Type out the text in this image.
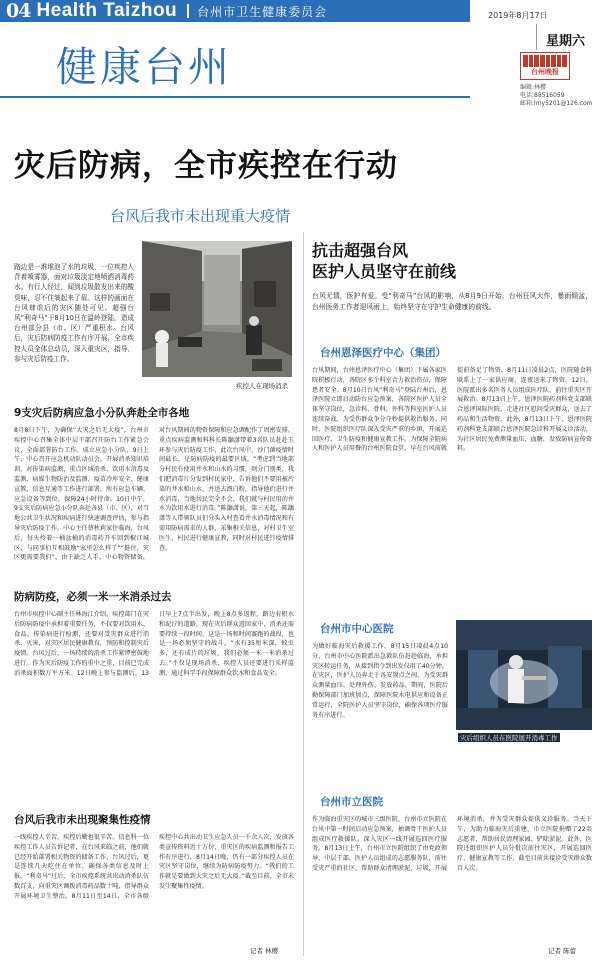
04 Health Taizhou 台州市卫生健康委员会
健康台州
2019年8月17日
星期六
台州晚报
编辑:林樱
电话:88516059
邮箱:lmy5201@126.com
灾后防病，全市疾控在行动
台风后我市未出现重大疫情
路边是一堆堆泡了水的垃圾，一位疾控人背着喷雾器，面对垃圾淡定地喷洒消毒药水。有行人经过，闻到垃圾散发出来的酸臭味，忍不住皱起来了眉。这样的画面在台风肆虐后的灾区随处可见。超强台风“利奇马”于8月10日在温岭登陆，造成台州部分县（市、区）严重积水。台风后，灾后防病防疫工作有序开展，全市疾控人员全体总动员，深入重灾区，指导、参与灾后防疫工作。
疾控人在现场消杀
9支灾后防病应急小分队奔赴全市各地
8月8日下午，为确保“大灾之后无大疫”，台州市疾控中心召集全体中层干部召开防台工作紧急会议，全面部署防台工作。成立应急小分队，9日上午，中心召开应急机动队动员会，开展消杀知识培训，对传染病监测、重点区域消杀、饮用水消毒及监测、病媒生物防治及监测、疫苗冷库安全、健康宣教、信息互通等工作进行部署，所有应急车辆、应急设备等到位，保障24小时待命。10日中午，9支灾后防病应急小分队奔赴各县（市、区），对当地公共卫生状况和疾病进行快速调查评估，参与指导灾后防疫工作。中心主任蔡秋莉家住临海，台风后，每天拎着一桶盆桶的消毒药开车回到椒江城区，与同事们互相鼓励“家里怎么样了”“挺住，灾区更需要我们”。由于缺乏人手，中心物资储备，对台风期间的物资保障和应急调配作了周密安排。重点疾病监测和科科长陈灏潇带着3名队员赶赴玉环参与灾后防疫工作，此次台风中，沙门菌疫情时间最长，是防病防疫的最要区域。“考虑到当地部分村民有使用井水和山水的习惯，则分门别类，我们把消毒片分发到村民家中，告诉他们不要用被污染的井水和山水，并送去漂白粉，指导他们进行井水消毒，当地居民完全不会，我们就与村民用的井水为饮用水进行消毒。”陈灏潇说。第三天起，陈灏潇等人带领队员们分头入村查看井水消毒情况和有需用防病需求的人群，采集相关信息，对村卫生室医生、村民进行健康宣教，同时对村民进行疫情排查。
防病防疫，必须一米一米消杀过去
台州市疾控中心副主任林海江介绍，疾控部门在灾后防病防疫中承担着重要任务，不仅要对饮用水、食品、传染病进行检测，还要对受灾群众进行消杀、灭害，对灾区居民健康教育，预防和控制灾后疫情。台风过后，一场持续的消杀工作紧锣密鼓地进行。作为灾后防疫工作的重中之重，目前已完成消杀面积数万平方米。12日晚上参与监测后，13日早上7点半出发，晚上8点多返程，路边有积水和泥泞的道路，现在灾后群众返回家中，消杀还需要持续一段时间，这是一场和时间赛跑的战役，也是一场必须坚守的战斗。“水有35厘米深，蚊虫多，还有成片的垃圾，我们必须一米一米消杀过去。”不仅是现场消杀，疾控人员还要进行采样监测，通过科学手段保障群众饮水和食品安全。
台风后我市未出现聚集性疫情
一线疾控人辛苦，疾控后勤也很辛苦。信息科一位疾控工作人员告诉记者，在台风来临之前，他们就已经开始部署相关物资的储备工作，台风过后，更是连续几天吃住在单位，确保各类信息及时上报。“利奇马”过后，全市疾控系统共出动消杀队伍数百支，向重灾区调拨消毒药品数十吨，指导群众开展环境卫生整治。8月11日至14日，全市各级疾控中心共出动卫生应急人员一千余人次，发放各类宣传资料近十万份，重灾区的疾病监测和报告工作有序进行，8月14日晚，仍有一部分疾控人员在灾区坚守岗位，继续为防病防疫努力。“我们的工作就是要做到大灾之后无大疫。”截至目前，全市未发生聚集性疫情。
记者 林樱
抗击超强台风
医护人员坚守在前线
台风无情，医护有爱。受“利奇马”台风的影响，从8月9日开始，台州狂风大作，暴雨倾盆，台州医务工作者迎风雨上，始终坚守在守护生命健康的前线。
台州恩泽医疗中心（集团）
台风期间，台州恩泽医疗中心（集团）下属各家医院积极行动，各院区多个科室合力救治伤员，保障患者安全。8月10日台风“利奇马”登陆台州后，恩泽医院立即启动防台应急预案，各院区医护人员全体坚守岗位，急诊科、骨科、外科等科室医护人员连续奋战，为受伤群众争分夺秒提供救治服务。同时，医院组织医疗队深入受灾严重的乡镇，开展巡回医疗、卫生防疫和健康宣教工作。为保障全院病人和医护人员用餐的台州医院食堂，早在台风前就提前备足了物资。8月11日凌晨2点，医院随食料联系上了一家供应商，连夜送来了物资。12日，医院派出多名医务人员组成医疗队，前往重灾区开展救治。8月13日上午，恩泽医院药剂科党支部联合恩泽国际医院，走进社区慰问受灾群众，送去了药品和生活物资。此外，8月13日下午，恩泽医院药剂科党支部联合恩泽医院急诊科开展义诊活动，为社区居民免费测量血压、血糖，发放防病宣传资料。
台州市中心医院
为做好临海灾后救援工作，8月15日凌晨4点10分，台州市中心医院派出急救队伍赶赴临海，承担灾区转运任务，从接到指令到出发仅用了40分钟。在灾区，医护人员奔走于各安置点之间，为受灾群众测量血压、处理外伤、发放药品。期间，医院后勤保障部门加班加点，保障医院水电供应和设备正常运行，全院医护人员坚守岗位，确保各项医疗服务有序进行。
灾后组织人员在医院展开消毒工作
台州市立医院
作为临海重灾区的城市三级医院，台州市立医院在台风中第一时间启动应急预案，抽调骨干医护人员组成医疗救援队，深入灾区一线开展巡回医疗服务。8月13日上午，台州市立医院组织了由党政领导、中层干部、医护人员组成的志愿服务队，前往受灾严重的社区，帮助群众清理淤泥、垃圾，开展环境消杀，并为受灾群众提供义诊服务。当天下午，为助力临海灾后重建，市立医院捐赠了22名志愿者，帮助居民清理家园、铲除淤泥。此外，医院还组织医护人员分批次前往灾区，开展巡回医疗、健康宣教等工作，截至目前共接诊受灾群众数百人次。
记者 陈蕾
